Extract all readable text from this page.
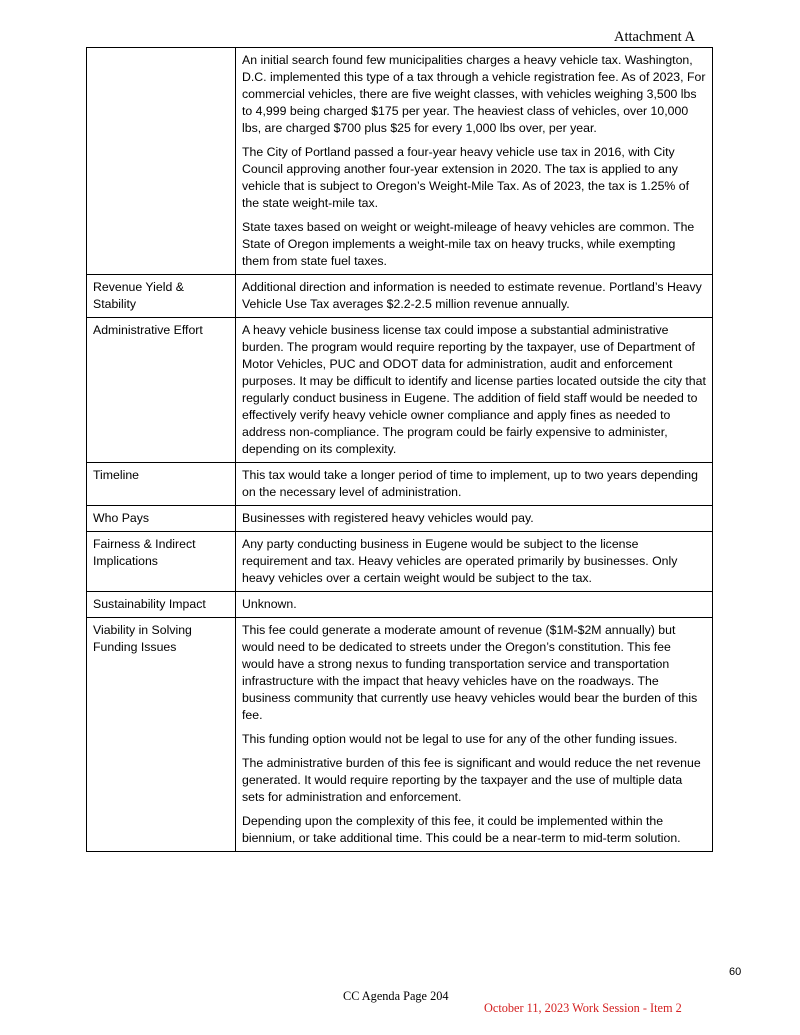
Attachment A

	An initial search found few municipalities charges a heavy vehicle tax. Washington, D.C. implemented this type of a tax through a vehicle registration fee. As of 2023, For commercial vehicles, there are five weight classes, with vehicles weighing 3,500 lbs to 4,999 being charged $175 per year. The heaviest class of vehicles, over 10,000 lbs, are charged $700 plus $25 for every 1,000 lbs over, per year.

The City of Portland passed a four-year heavy vehicle use tax in 2016, with City Council approving another four-year extension in 2020. The tax is applied to any vehicle that is subject to Oregon’s Weight-Mile Tax. As of 2023, the tax is 1.25% of the state weight-mile tax.

State taxes based on weight or weight-mileage of heavy vehicles are common. The State of Oregon implements a weight-mile tax on heavy trucks, while exempting them from state fuel taxes.

Revenue Yield & Stability	Additional direction and information is needed to estimate revenue. Portland’s Heavy Vehicle Use Tax averages $2.2-2.5 million revenue annually.

Administrative Effort	A heavy vehicle business license tax could impose a substantial administrative burden. The program would require reporting by the taxpayer, use of Department of Motor Vehicles, PUC and ODOT data for administration, audit and enforcement purposes. It may be difficult to identify and license parties located outside the city that regularly conduct business in Eugene. The addition of field staff would be needed to effectively verify heavy vehicle owner compliance and apply fines as needed to address non-compliance. The program could be fairly expensive to administer, depending on its complexity.

Timeline	This tax would take a longer period of time to implement, up to two years depending on the necessary level of administration.

Who Pays	Businesses with registered heavy vehicles would pay.

Fairness & Indirect Implications	Any party conducting business in Eugene would be subject to the license requirement and tax. Heavy vehicles are operated primarily by businesses. Only heavy vehicles over a certain weight would be subject to the tax.

Sustainability Impact	Unknown.

Viability in Solving Funding Issues	This fee could generate a moderate amount of revenue ($1M-$2M annually) but would need to be dedicated to streets under the Oregon’s constitution. This fee would have a strong nexus to funding transportation service and transportation infrastructure with the impact that heavy vehicles have on the roadways. The business community that currently use heavy vehicles would bear the burden of this fee.

This funding option would not be legal to use for any of the other funding issues.

The administrative burden of this fee is significant and would reduce the net revenue generated. It would require reporting by the taxpayer and the use of multiple data sets for administration and enforcement.

Depending upon the complexity of this fee, it could be implemented within the biennium, or take additional time. This could be a near-term to mid-term solution.

60
CC Agenda Page 204
October 11, 2023 Work Session - Item 2
